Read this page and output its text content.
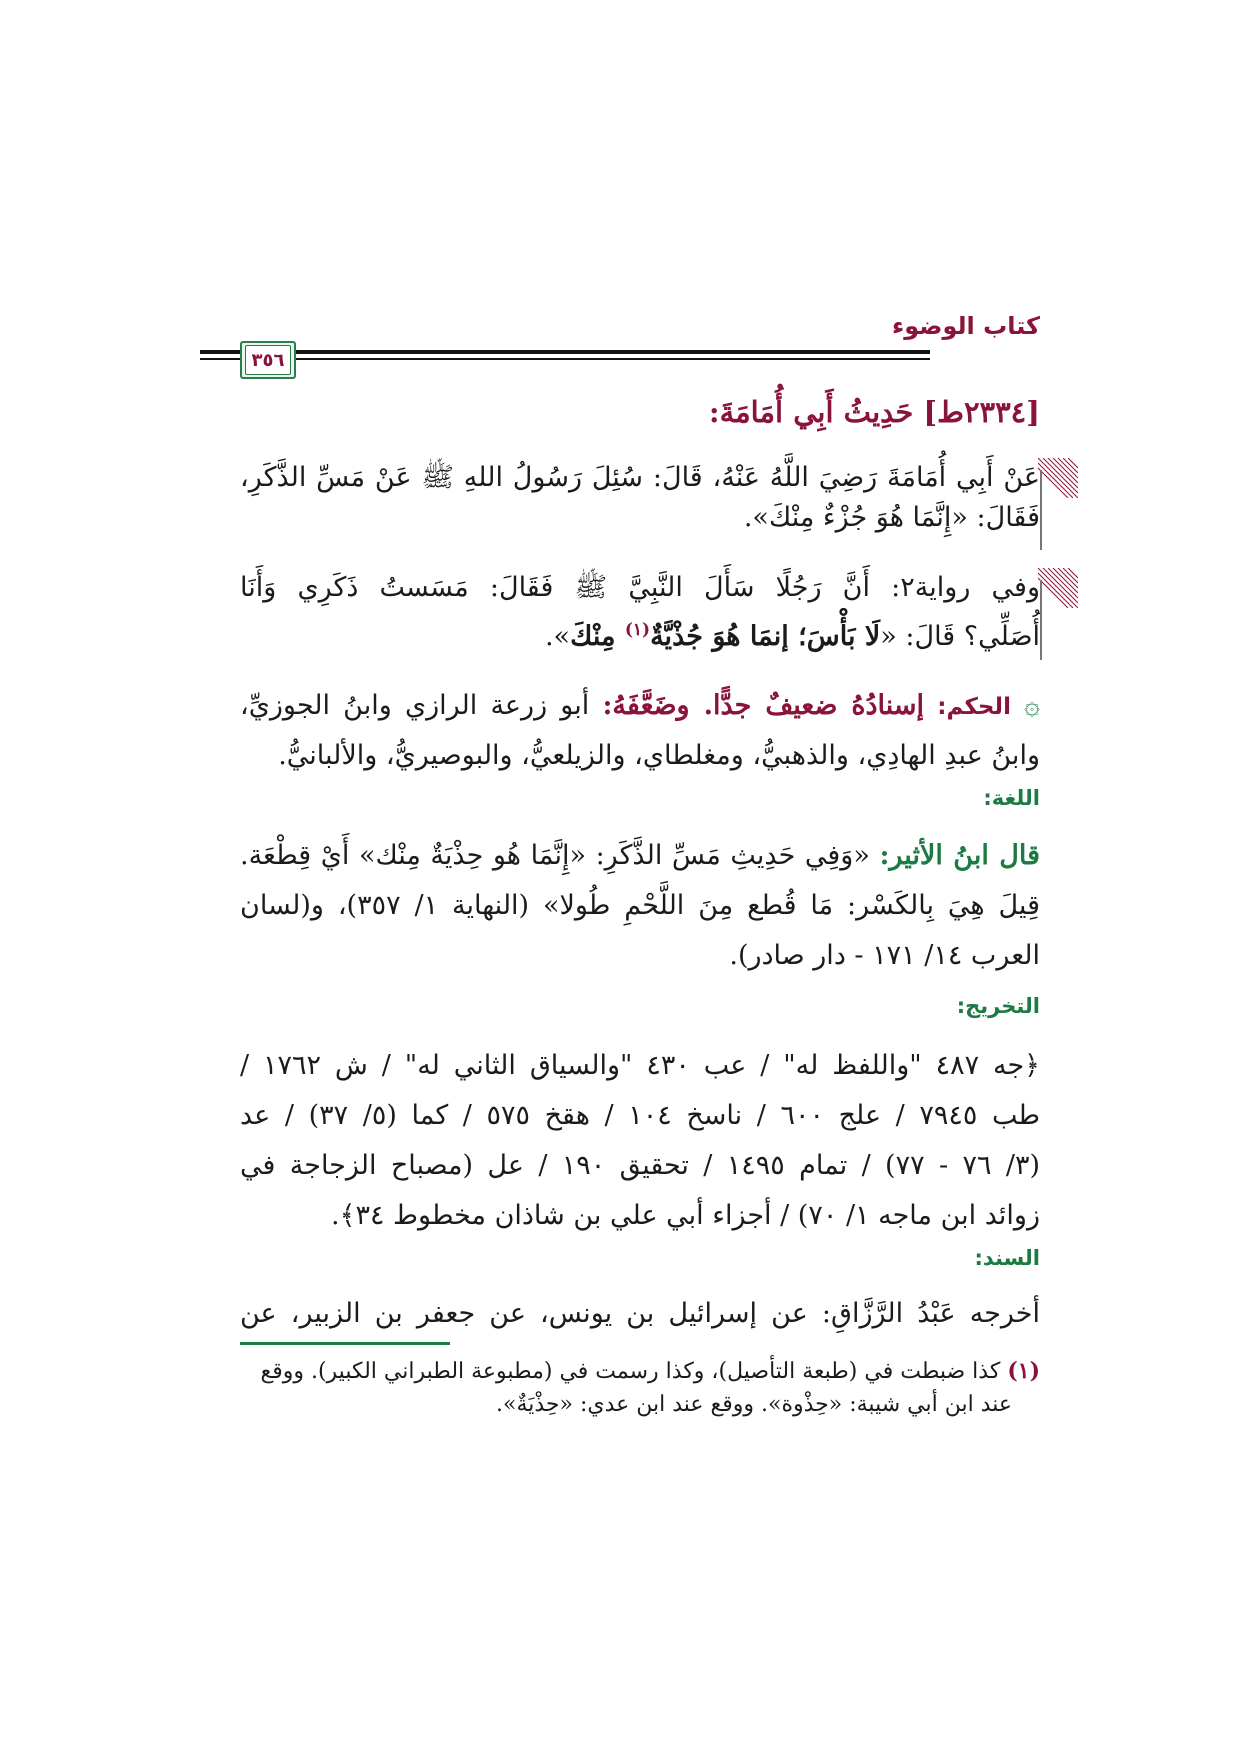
كتاب الوضوء
٣٥٦
[٢٣٣٤ط] حَدِيثُ أَبِي أُمَامَةَ:
عَنْ أَبِي أُمَامَةَ رَضِيَ اللَّهُ عَنْهُ، قَالَ: سُئِلَ رَسُولُ اللهِ ﷺ عَنْ مَسِّ الذَّكَرِ،
فَقَالَ: «إِنَّمَا هُوَ جُزْءٌ مِنْكَ».
وفي رواية٢: أَنَّ رَجُلًا سَأَلَ النَّبِيَّ ﷺ فَقَالَ: مَسَستُ ذَكَرِي وَأَنَا
أُصَلِّي؟ قَالَ: «لَا بَأْسَ؛ إنمَا هُوَ جُذْيَّةٌ$^{(١)}$ مِنْكَ».
۞ الحكم: إسنادُهُ ضعيفٌ جدًّا. وضَعَّفَهُ: أبو زرعة الرازي وابنُ الجوزيِّ،
وابنُ عبدِ الهادِي، والذهبيُّ، ومغلطاي، والزيلعيُّ، والبوصيريُّ، والألبانيُّ.
اللغة:
قال ابنُ الأثير: «وَفِي حَدِيثِ مَسِّ الذَّكَرِ: «إِنَّمَا هُو حِذْيَةٌ مِنْك» أَيْ قِطْعَة.
قِيلَ هِيَ بِالكَسْر: مَا قُطع مِنَ اللَّحْمِ طُولا» (النهاية ١/ ٣٥٧)، و(لسان
العرب ١٤/ ١٧١ - دار صادر).
التخريج:
﴿جه ٤٨٧ "واللفظ له" / عب ٤٣٠ "والسياق الثاني له" / ش ١٧٦٢ /
طب ٧٩٤٥ / علج ٦٠٠ / ناسخ ١٠٤ / هقخ ٥٧٥ / كما (٥/ ٣٧) / عد
(٣/ ٧٦ - ٧٧) / تمام ١٤٩٥ / تحقيق ١٩٠ / عل (مصباح الزجاجة في
زوائد ابن ماجه ١/ ٧٠) / أجزاء أبي علي بن شاذان مخطوط ٣٤﴾.
السند:
أخرجه عَبْدُ الرَّزَّاقِ: عن إسرائيل بن يونس، عن جعفر بن الزبير، عن
(١) كذا ضبطت في (طبعة التأصيل)، وكذا رسمت في (مطبوعة الطبراني الكبير). ووقع
عند ابن أبي شيبة: «حِذْوة». ووقع عند ابن عدي: «حِذْيَةٌ».
